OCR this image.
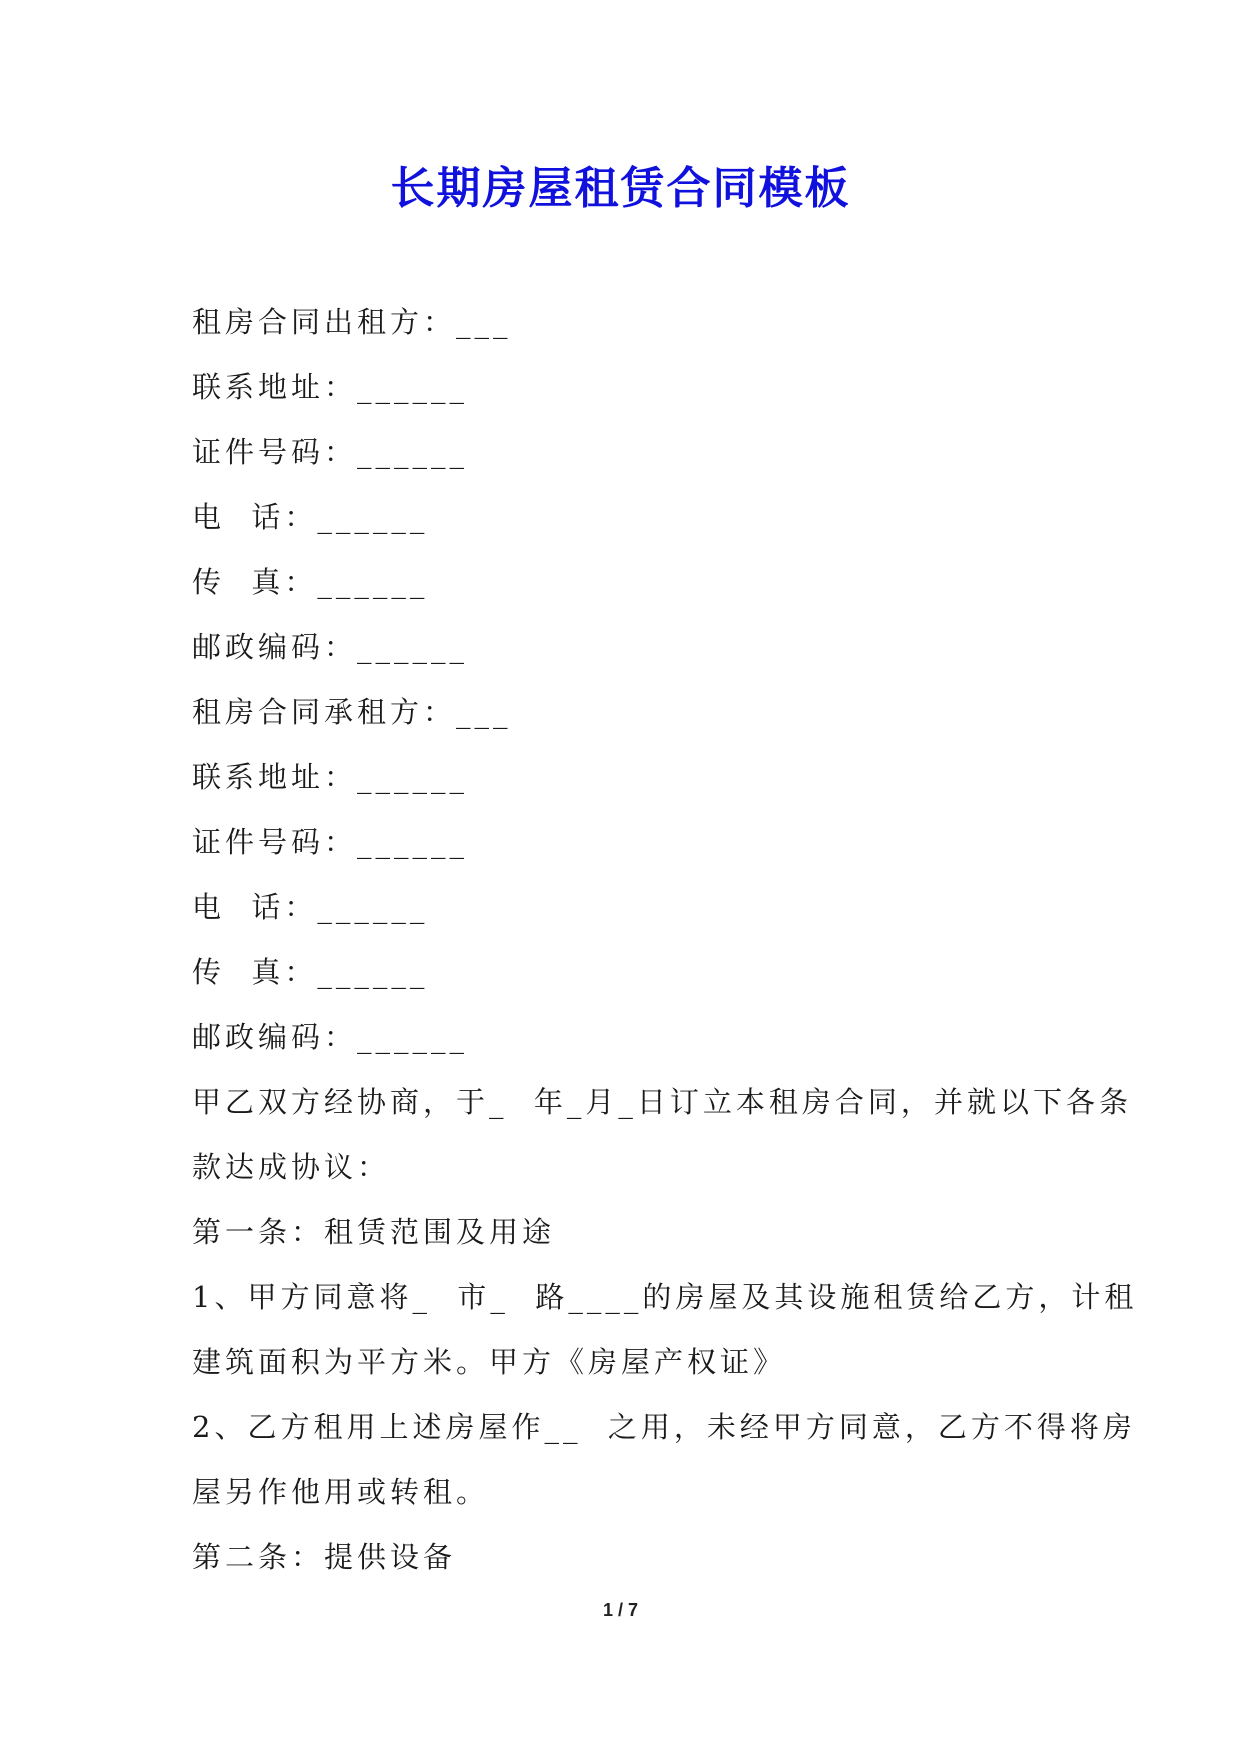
长期房屋租赁合同模板

租房合同出租方：___

联系地址：______

证件号码：______

电  话：______

传  真：______

邮政编码：______

租房合同承租方：___

联系地址：______

证件号码：______

电  话：______

传  真：______

邮政编码：______

甲乙双方经协商，于_  年_月_日订立本租房合同，并就以下各条

款达成协议：

第一条：租赁范围及用途

1、甲方同意将_  市_  路____的房屋及其设施租赁给乙方，计租

建筑面积为平方米。甲方《房屋产权证》

2、乙方租用上述房屋作__  之用，未经甲方同意，乙方不得将房

屋另作他用或转租。

第二条：提供设备

1 / 7
